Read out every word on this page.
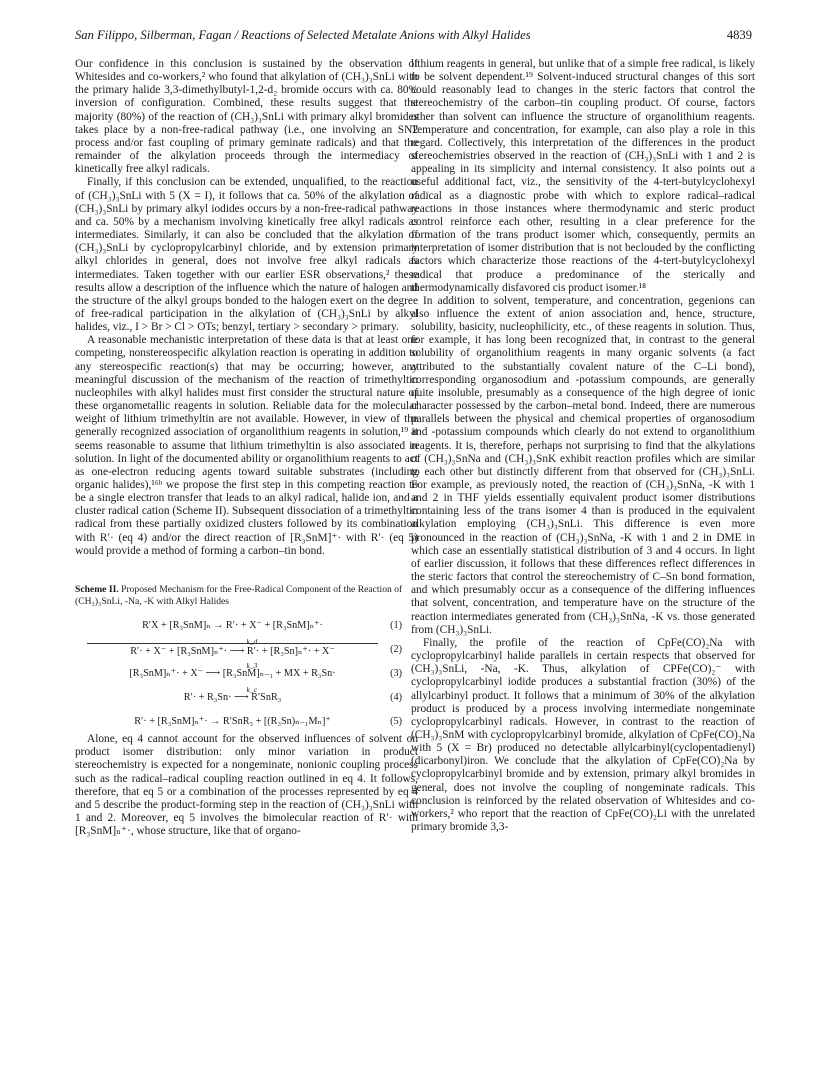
San Filippo, Silberman, Fagan / Reactions of Selected Metalate Anions with Alkyl Halides	4839

Our confidence in this conclusion is sustained by the observation of Whitesides and co-workers,² who found that alkylation of (CH₃)₃SnLi with the primary halide 3,3-dimethylbutyl-1,2-d₂ bromide occurs with ca. 80% inversion of configuration. Combined, these results suggest that the majority (80%) of the reaction of (CH₃)₃SnLi with primary alkyl bromides takes place by a non-free-radical pathway (i.e., one involving an SN2 process and/or fast coupling of primary geminate radicals) and that the remainder of the alkylation proceeds through the intermediacy of kinetically free alkyl radicals.

Finally, if this conclusion can be extended, unqualified, to the reaction of (CH₃)₃SnLi with 5 (X = I), it follows that ca. 50% of the alkylation of (CH₃)₃SnLi by primary alkyl iodides occurs by a non-free-radical pathway and ca. 50% by a mechanism involving kinetically free alkyl radicals as intermediates. Similarly, it can also be concluded that the alkylation of (CH₃)₃SnLi by cyclopropylcarbinyl chloride, and by extension primary alkyl chlorides in general, does not involve free alkyl radicals as intermediates. Taken together with our earlier ESR observations,² these results allow a description of the influence which the nature of halogen and the structure of the alkyl groups bonded to the halogen exert on the degree of free-radical participation in the alkylation of (CH₃)₃SnLi by alkyl halides, viz., I > Br > Cl > OTs; benzyl, tertiary > secondary > primary.

A reasonable mechanistic interpretation of these data is that at least one competing, nonstereospecific alkylation reaction is operating in addition to any stereospecific reaction(s) that may be occurring; however, any meaningful discussion of the mechanism of the reaction of trimethyltin nucleophiles with alkyl halides must first consider the structural nature of these organometallic reagents in solution. Reliable data for the molecular weight of lithium trimethyltin are not available. However, in view of the generally recognized association of organolithium reagents in solution,¹⁹ it seems reasonable to assume that lithium trimethyltin is also associated in solution. In light of the documented ability or organolithium reagents to act as one-electron reducing agents toward suitable substrates (including organic halides),¹⁶ᵇ we propose the first step in this competing reaction to be a single electron transfer that leads to an alkyl radical, halide ion, and a cluster radical cation (Scheme II). Subsequent dissociation of a trimethyltin radical from these partially oxidized clusters followed by its combination with R′· (eq 4) and/or the direct reaction of [R₃SnM]⁺· with R′· (eq 5) would provide a method of forming a carbon–tin bond.

Scheme II. Proposed Mechanism for the Free-Radical Component of the Reaction of (CH₃)₃SnLi, -Na, -K with Alkyl Halides
R′X + [R₃SnM]ₙ → R′· + X⁻ + [R₃SnM]ₙ⁺·	(1)
k_d
R′· + X⁻ + [R₃SnM]ₙ⁺· ⟶ R′· + [R₃Sn]ₙ⁺· + X⁻	(2)
k_3
[R₃SnM]ₙ⁺· + X⁻ ⟶ [R₃SnM]ₙ₋₁ + MX + R₃Sn·	(3)
k_c
R′· + R₃Sn· ⟶ R′SnR₃	(4)
R′· + [R₃SnM]ₙ⁺· → R′SnR₃ + [(R₃Sn)ₙ₋₁Mₙ]⁺	(5)

Alone, eq 4 cannot account for the observed influences of solvent on product isomer distribution: only minor variation in product stereochemistry is expected for a nongeminate, nonionic coupling process such as the radical–radical coupling reaction outlined in eq 4. It follows, therefore, that eq 5 or a combination of the processes represented by eq 4 and 5 describe the product-forming step in the reaction of (CH₃)₃SnLi with 1 and 2. Moreover, eq 5 involves the bimolecular reaction of R′· with [R₃SnM]ₙ⁺·, whose structure, like that of organo-

lithium reagents in general, but unlike that of a simple free radical, is likely to be solvent dependent.¹⁹ Solvent-induced structural changes of this sort could reasonably lead to changes in the steric factors that control the stereochemistry of the carbon–tin coupling product. Of course, factors other than solvent can influence the structure of organolithium reagents. Temperature and concentration, for example, can also play a role in this regard. Collectively, this interpretation of the differences in the product stereochemistries observed in the reaction of (CH₃)₃SnLi with 1 and 2 is appealing in its simplicity and internal consistency. It also points out a useful additional fact, viz., the sensitivity of the 4-tert-butylcyclohexyl radical as a diagnostic probe with which to explore radical–radical reactions in those instances where thermodynamic and steric product control reinforce each other, resulting in a clear preference for the formation of the trans product isomer which, consequently, permits an interpretation of isomer distribution that is not beclouded by the conflicting factors which characterize those reactions of the 4-tert-butylcyclohexyl radical that produce a predominance of the sterically and thermodynamically disfavored cis product isomer.¹⁸

In addition to solvent, temperature, and concentration, gegenions can also influence the extent of anion association and, hence, structure, solubility, basicity, nucleophilicity, etc., of these reagents in solution. Thus, for example, it has long been recognized that, in contrast to the general solubility of organolithium reagents in many organic solvents (a fact attributed to the substantially covalent nature of the C–Li bond), corresponding organosodium and -potassium compounds, are generally quite insoluble, presumably as a consequence of the high degree of ionic character possessed by the carbon–metal bond. Indeed, there are numerous parallels between the physical and chemical properties of organosodium and -potassium compounds which clearly do not extend to organolithium reagents. It is, therefore, perhaps not surprising to find that the alkylations of (CH₃)₃SnNa and (CH₃)₃SnK exhibit reaction profiles which are similar to each other but distinctly different from that observed for (CH₃)₃SnLi. For example, as previously noted, the reaction of (CH₃)₃SnNa, -K with 1 and 2 in THF yields essentially equivalent product isomer distributions containing less of the trans isomer 4 than is produced in the equivalent alkylation employing (CH₃)₃SnLi. This difference is even more pronounced in the reaction of (CH₃)₃SnNa, -K with 1 and 2 in DME in which case an essentially statistical distribution of 3 and 4 occurs. In light of earlier discussion, it follows that these differences reflect differences in the steric factors that control the stereochemistry of C–Sn bond formation, and which presumably occur as a consequence of the differing influences that solvent, concentration, and temperature have on the structure of the reaction intermediates generated from (CH₃)₃SnNa, -K vs. those generated from (CH₃)₃SnLi.

Finally, the profile of the reaction of CpFe(CO)₂Na with cyclopropylcarbinyl halide parallels in certain respects that observed for (CH₃)₃SnLi, -Na, -K. Thus, alkylation of CPFe(CO)₂⁻ with cyclopropylcarbinyl iodide produces a substantial fraction (30%) of the allylcarbinyl product. It follows that a minimum of 30% of the alkylation product is produced by a process involving intermediate nongeminate cyclopropylcarbinyl radicals. However, in contrast to the reaction of (CH₃)₃SnM with cyclopropylcarbinyl bromide, alkylation of CpFe(CO)₂Na with 5 (X = Br) produced no detectable allylcarbinyl(cyclopentadienyl)(dicarbonyl)iron. We conclude that the alkylation of CpFe(CO)₂Na by cyclopropylcarbinyl bromide and by extension, primary alkyl bromides in general, does not involve the coupling of nongeminate radicals. This conclusion is reinforced by the related observation of Whitesides and co-workers,² who report that the reaction of CpFe(CO)₂Li with the unrelated primary bromide 3,3-
